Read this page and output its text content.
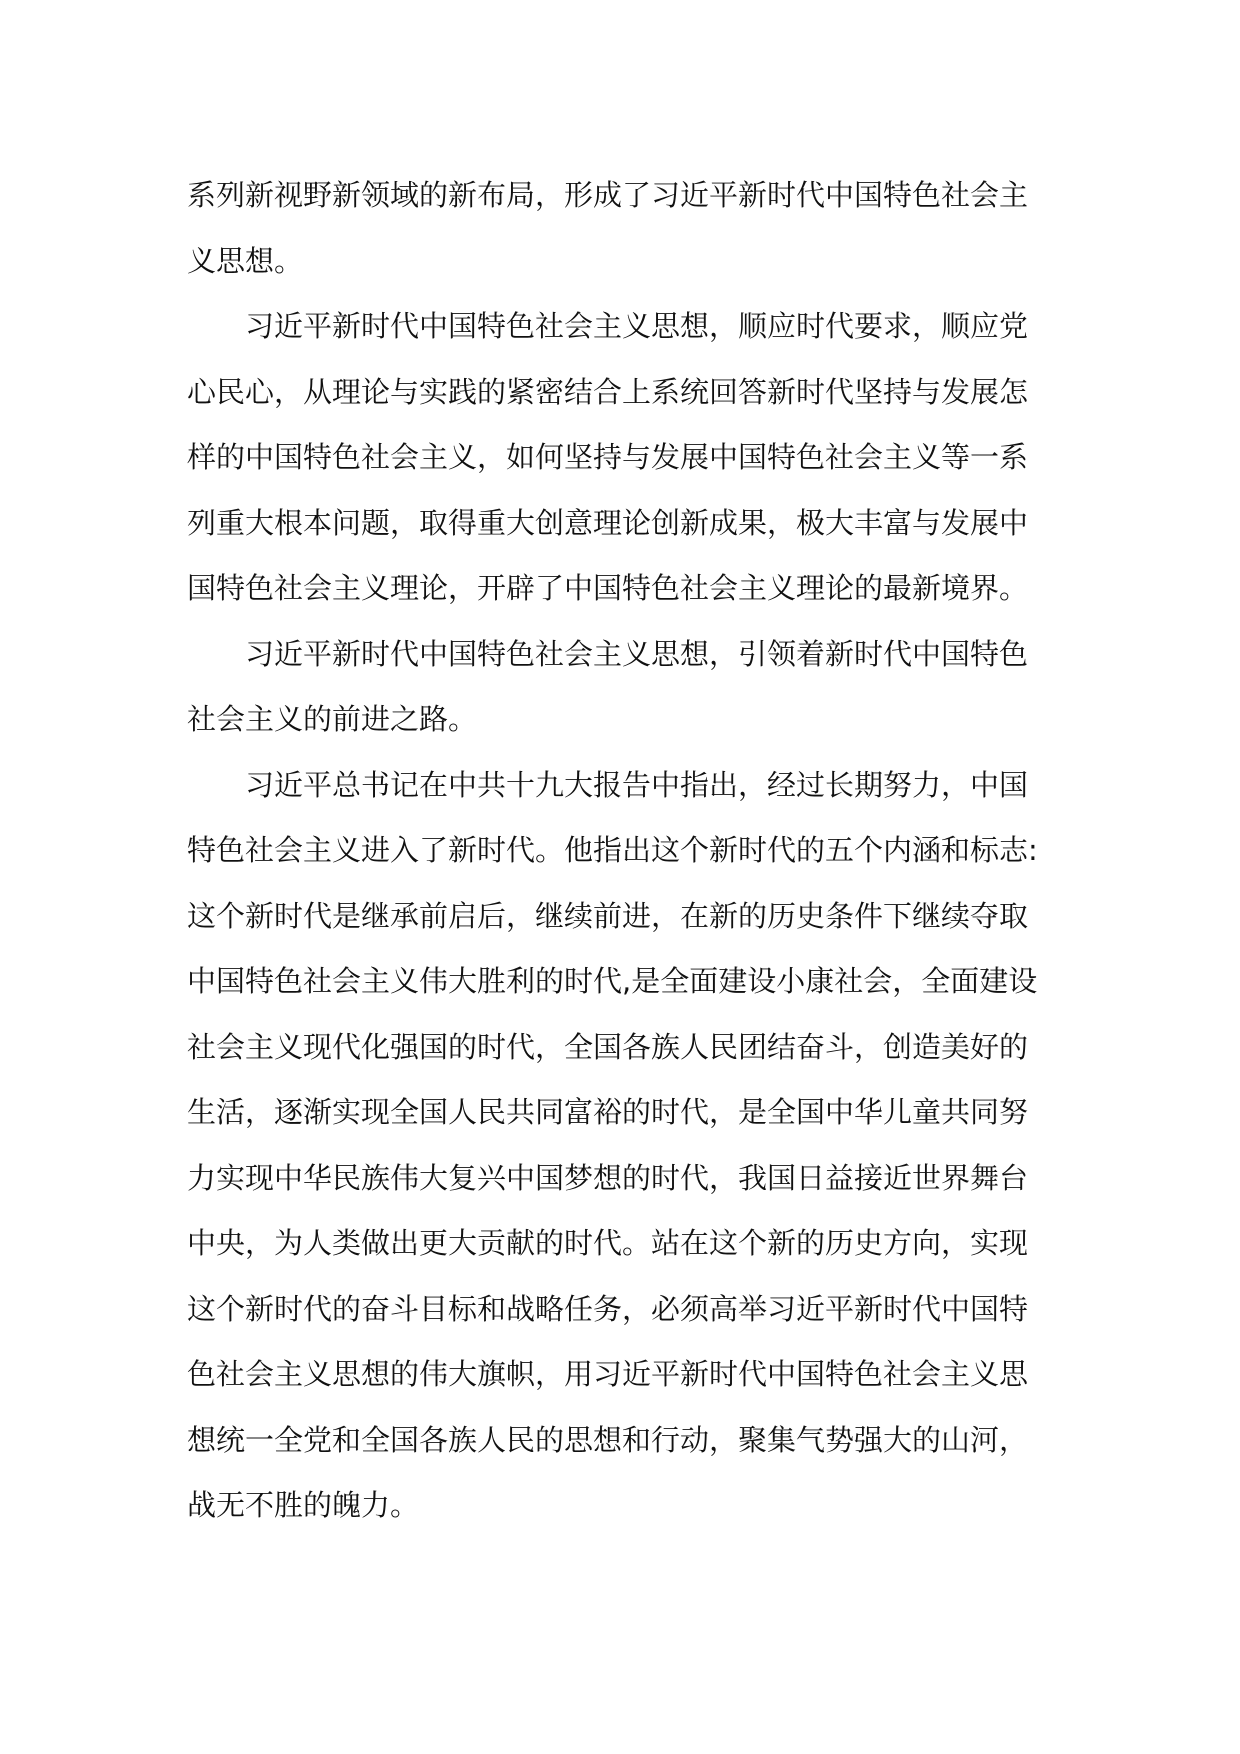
系列新视野新领域的新布局，形成了习近平新时代中国特色社会主
义思想。

习近平新时代中国特色社会主义思想，顺应时代要求，顺应党
心民心，从理论与实践的紧密结合上系统回答新时代坚持与发展怎
样的中国特色社会主义，如何坚持与发展中国特色社会主义等一系
列重大根本问题，取得重大创意理论创新成果，极大丰富与发展中
国特色社会主义理论，开辟了中国特色社会主义理论的最新境界。

习近平新时代中国特色社会主义思想，引领着新时代中国特色
社会主义的前进之路。

习近平总书记在中共十九大报告中指出，经过长期努力，中国
特色社会主义进入了新时代。他指出这个新时代的五个内涵和标志:
这个新时代是继承前启后，继续前进，在新的历史条件下继续夺取
中国特色社会主义伟大胜利的时代,是全面建设小康社会，全面建设
社会主义现代化强国的时代，全国各族人民团结奋斗，创造美好的
生活，逐渐实现全国人民共同富裕的时代，是全国中华儿童共同努
力实现中华民族伟大复兴中国梦想的时代，我国日益接近世界舞台
中央，为人类做出更大贡献的时代。站在这个新的历史方向，实现
这个新时代的奋斗目标和战略任务，必须高举习近平新时代中国特
色社会主义思想的伟大旗帜，用习近平新时代中国特色社会主义思
想统一全党和全国各族人民的思想和行动，聚集气势强大的山河，
战无不胜的魄力。
